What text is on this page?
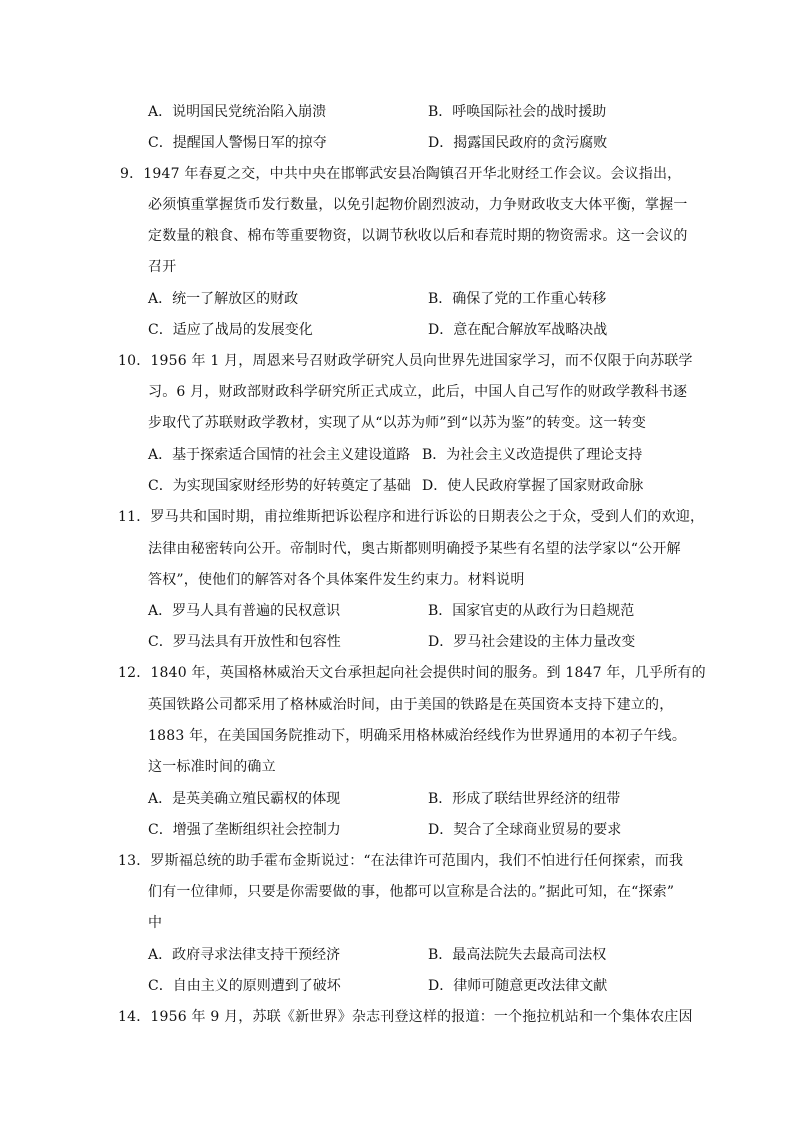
A．说明国民党统治陷入崩溃	B．呼唤国际社会的战时援助
C．提醒国人警惕日军的掠夺	D．揭露国民政府的贪污腐败
9．1947 年春夏之交，中共中央在邯郸武安县冶陶镇召开华北财经工作会议。会议指出，
必须慎重掌握货币发行数量，以免引起物价剧烈波动，力争财政收支大体平衡，掌握一
定数量的粮食、棉布等重要物资，以调节秋收以后和春荒时期的物资需求。这一会议的
召开
A．统一了解放区的财政	B．确保了党的工作重心转移
C．适应了战局的发展变化	D．意在配合解放军战略决战
10．1956 年 1 月，周恩来号召财政学研究人员向世界先进国家学习，而不仅限于向苏联学
习。6 月，财政部财政科学研究所正式成立，此后，中国人自己写作的财政学教科书逐
步取代了苏联财政学教材，实现了从“以苏为师”到“以苏为鉴”的转变。这一转变
A．基于探索适合国情的社会主义建设道路 B．为社会主义改造提供了理论支持
C．为实现国家财经形势的好转奠定了基础 D．使人民政府掌握了国家财政命脉
11．罗马共和国时期，甫拉维斯把诉讼程序和进行诉讼的日期表公之于众，受到人们的欢迎，
法律由秘密转向公开。帝制时代，奥古斯都则明确授予某些有名望的法学家以“公开解
答权”，使他们的解答对各个具体案件发生约束力。材料说明
A．罗马人具有普遍的民权意识	B．国家官吏的从政行为日趋规范
C．罗马法具有开放性和包容性	D．罗马社会建设的主体力量改变
12．1840 年，英国格林威治天文台承担起向社会提供时间的服务。到 1847 年，几乎所有的
英国铁路公司都采用了格林威治时间，由于美国的铁路是在英国资本支持下建立的，
1883 年，在美国国务院推动下，明确采用格林威治经线作为世界通用的本初子午线。
这一标准时间的确立
A．是英美确立殖民霸权的体现	B．形成了联结世界经济的纽带
C．增强了垄断组织社会控制力	D．契合了全球商业贸易的要求
13．罗斯福总统的助手霍布金斯说过：“在法律许可范围内，我们不怕进行任何探索，而我
们有一位律师，只要是你需要做的事，他都可以宣称是合法的。”据此可知，在“探索”
中
A．政府寻求法律支持干预经济	B．最高法院失去最高司法权
C．自由主义的原则遭到了破坏	D．律师可随意更改法律文献
14．1956 年 9 月，苏联《新世界》杂志刊登这样的报道：一个拖拉机站和一个集体农庄因
